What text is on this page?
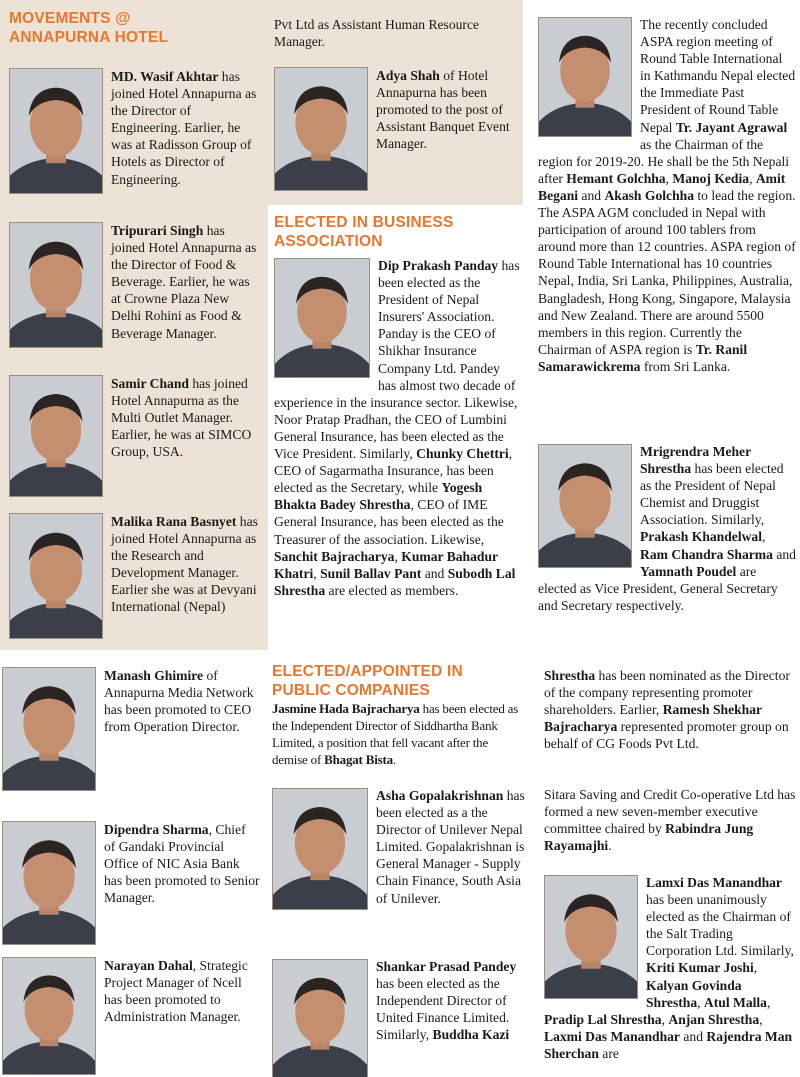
MOVEMENTS @ ANNAPURNA HOTEL
MD. Wasif Akhtar has joined Hotel Annapurna as the Director of Engineering. Earlier, he was at Radisson Group of Hotels as Director of Engineering.
Tripurari Singh has joined Hotel Annapurna as the Director of Food & Beverage. Earlier, he was at Crowne Plaza New Delhi Rohini as Food & Beverage Manager.
Samir Chand has joined Hotel Annapurna as the Multi Outlet Manager. Earlier, he was at SIMCO Group, USA.
Malika Rana Basnyet has joined Hotel Annapurna as the Research and Development Manager. Earlier she was at Devyani International (Nepal)
Pvt Ltd as Assistant Human Resource Manager.
Adya Shah of Hotel Annapurna has been promoted to the post of Assistant Banquet Event Manager.
ELECTED IN BUSINESS ASSOCIATION
Dip Prakash Panday has been elected as the President of Nepal Insurers' Association. Panday is the CEO of Shikhar Insurance Company Ltd. Pandey has almost two decade of experience in the insurance sector. Likewise, Noor Pratap Pradhan, the CEO of Lumbini General Insurance, has been elected as the Vice President. Similarly, Chunky Chettri, CEO of Sagarmatha Insurance, has been elected as the Secretary, while Yogesh Bhakta Badey Shrestha, CEO of IME General Insurance, has been elected as the Treasurer of the association. Likewise, Sanchit Bajracharya, Kumar Bahadur Khatri, Sunil Ballav Pant and Subodh Lal Shrestha are elected as members.
The recently concluded ASPA region meeting of Round Table International in Kathmandu Nepal elected the Immediate Past President of Round Table Nepal Tr. Jayant Agrawal as the Chairman of the region for 2019-20. He shall be the 5th Nepali after Hemant Golchha, Manoj Kedia, Amit Begani and Akash Golchha to lead the region. The ASPA AGM concluded in Nepal with participation of around 100 tablers from around more than 12 countries. ASPA region of Round Table International has 10 countries Nepal, India, Sri Lanka, Philippines, Australia, Bangladesh, Hong Kong, Singapore, Malaysia and New Zealand. There are around 5500 members in this region. Currently the Chairman of ASPA region is Tr. Ranil Samarawickrema from Sri Lanka.
Mrigrendra Meher Shrestha has been elected as the President of Nepal Chemist and Druggist Association. Similarly, Prakash Khandelwal, Ram Chandra Sharma and Yamnath Poudel are elected as Vice President, General Secretary and Secretary respectively.
Manash Ghimire of Annapurna Media Network has been promoted to CEO from Operation Director.
Dipendra Sharma, Chief of Gandaki Provincial Office of NIC Asia Bank has been promoted to Senior Manager.
Narayan Dahal, Strategic Project Manager of Ncell has been promoted to Administration Manager.
ELECTED/APPOINTED IN PUBLIC COMPANIES
Jasmine Hada Bajracharya has been elected as the Independent Director of Siddhartha Bank Limited, a position that fell vacant after the demise of Bhagat Bista.
Asha Gopalakrishnan has been elected as a the Director of Unilever Nepal Limited. Gopalakrishnan is General Manager - Supply Chain Finance, South Asia of Unilever.
Shankar Prasad Pandey has been elected as the Independent Director of United Finance Limited. Similarly, Buddha Kazi
Shrestha has been nominated as the Director of the company representing promoter shareholders. Earlier, Ramesh Shekhar Bajracharya represented promoter group on behalf of CG Foods Pvt Ltd.
Sitara Saving and Credit Co-operative Ltd has formed a new seven-member executive committee chaired by Rabindra Jung Rayamajhi.
Lamxi Das Manandhar has been unanimously elected as the Chairman of the Salt Trading Corporation Ltd. Similarly, Kriti Kumar Joshi, Kalyan Govinda Shrestha, Atul Malla, Pradip Lal Shrestha, Anjan Shrestha, Laxmi Das Manandhar and Rajendra Man Sherchan are
